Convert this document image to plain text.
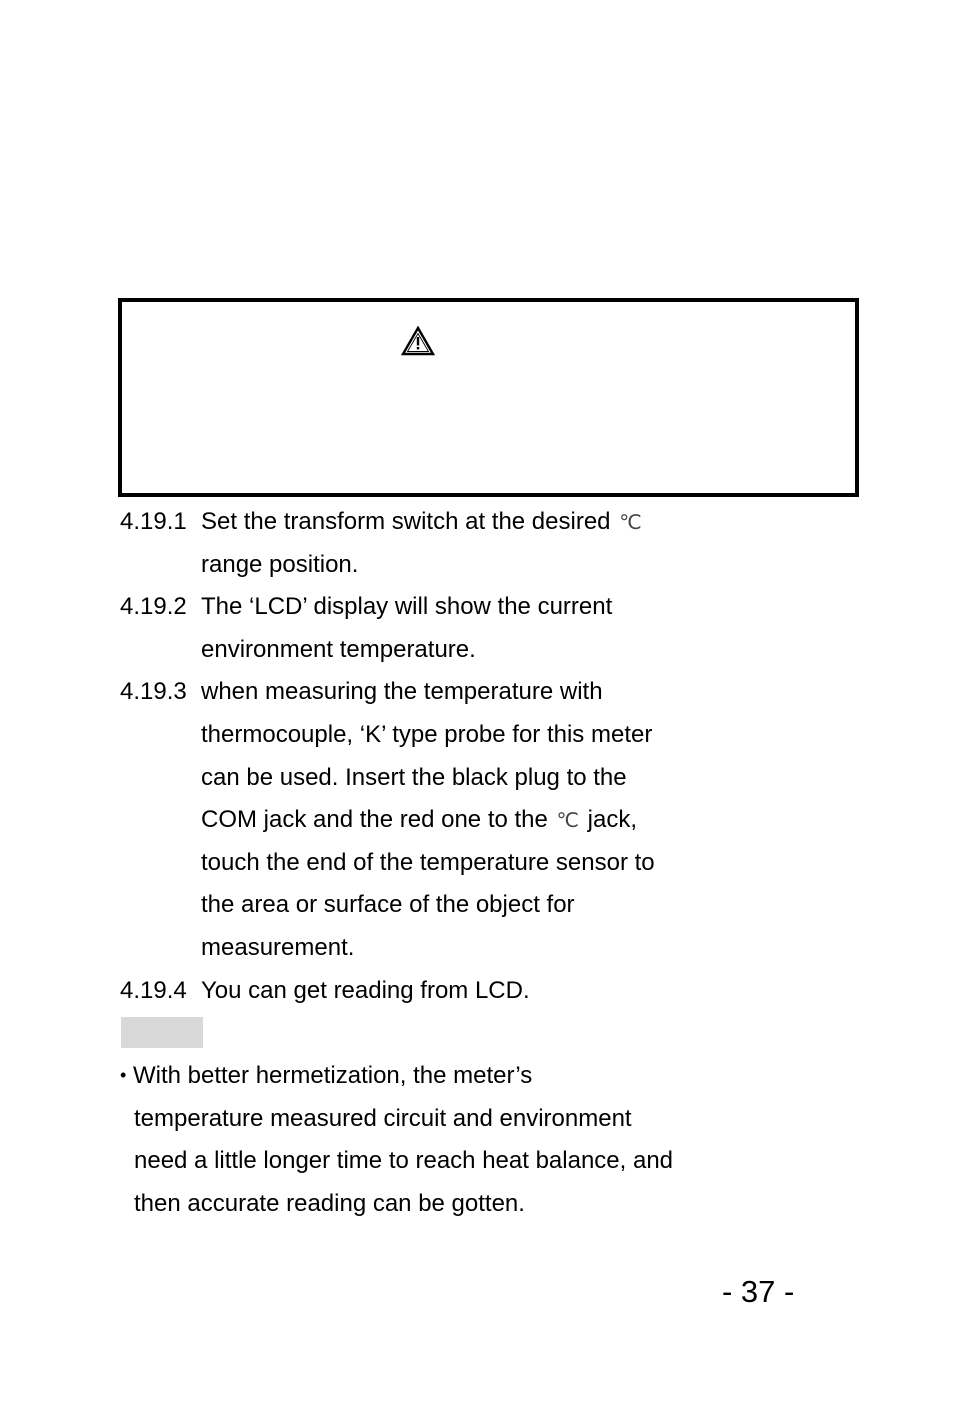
4.19.1 Set the transform switch at the desired ℃
range position.
4.19.2 The ‘LCD’ display will show the current
environment temperature.
4.19.3 when measuring the temperature with
thermocouple, ‘K’ type probe for this meter
can be used. Insert the black plug to the
COM jack and the red one to the ℃ jack,
touch the end of the temperature sensor to
the area or surface of the object for
measurement.
4.19.4 You can get reading from LCD.
• With better hermetization, the meter’s
temperature measured circuit and environment
need a little longer time to reach heat balance, and
then accurate reading can be gotten.
- 37 -
